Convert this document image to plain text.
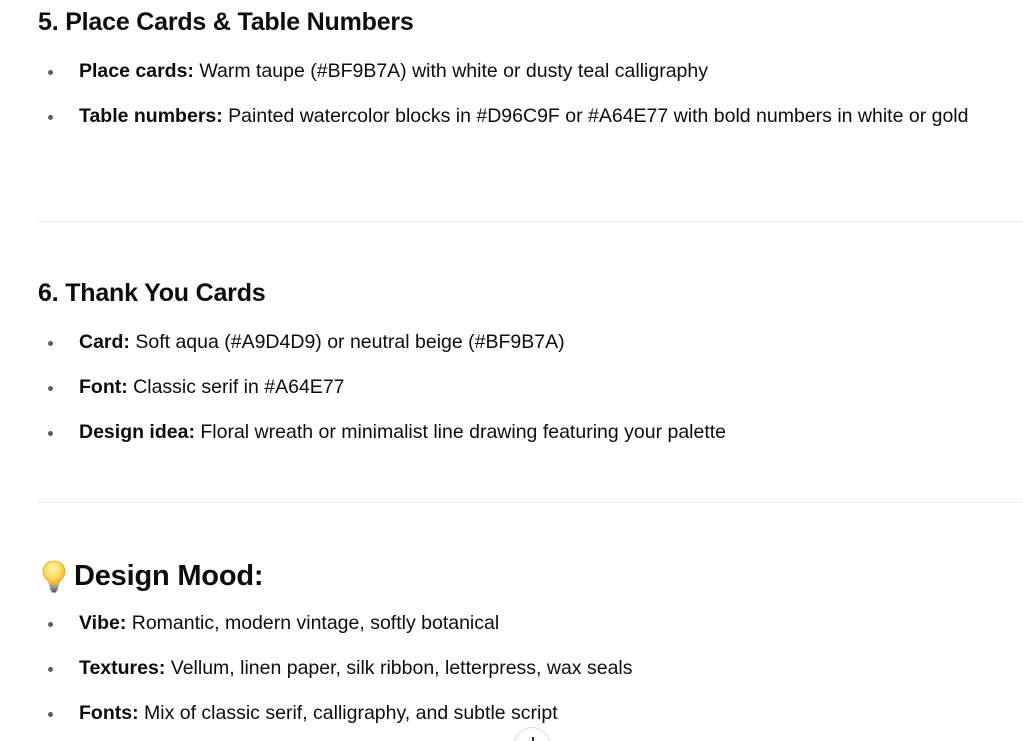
5. Place Cards & Table Numbers
Place cards: Warm taupe (#BF9B7A) with white or dusty teal calligraphy
Table numbers: Painted watercolor blocks in #D96C9F or #A64E77 with bold numbers in white or gold
6. Thank You Cards
Card: Soft aqua (#A9D4D9) or neutral beige (#BF9B7A)
Font: Classic serif in #A64E77
Design idea: Floral wreath or minimalist line drawing featuring your palette
Design Mood:
Vibe: Romantic, modern vintage, softly botanical
Textures: Vellum, linen paper, silk ribbon, letterpress, wax seals
Fonts: Mix of classic serif, calligraphy, and subtle script
